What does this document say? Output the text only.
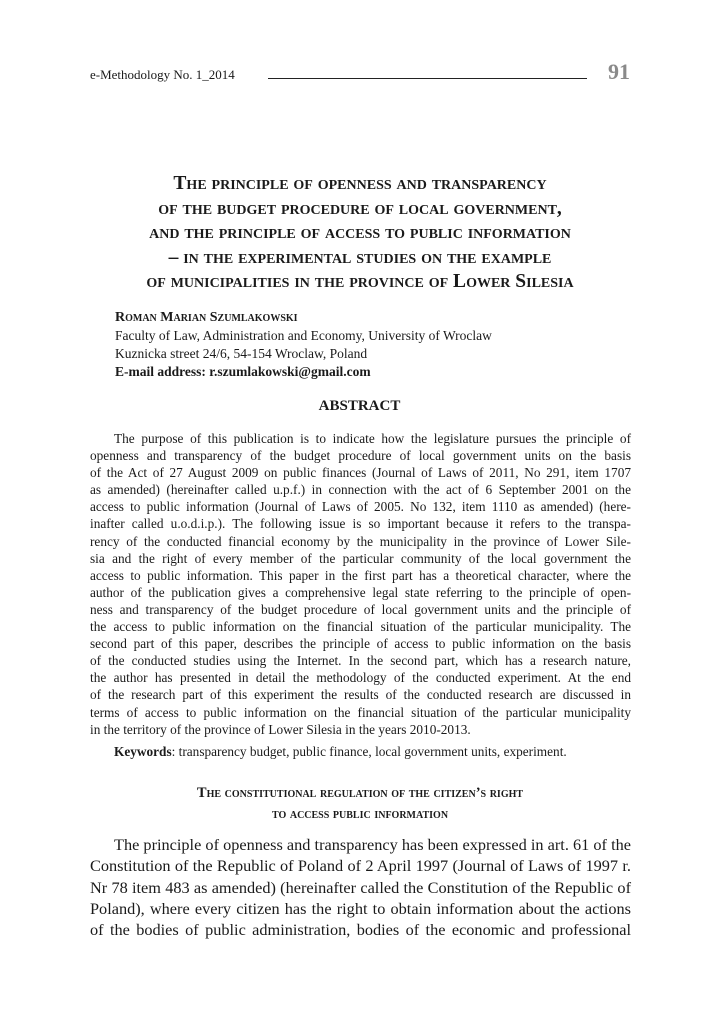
e-Methodology No. 1_2014	91
The principle of openness and transparency
of the budget procedure of local government,
and the principle of access to public information
– in the experimental studies on the example
of municipalities in the province of Lower Silesia
Roman Marian Szumlakowski
Faculty of Law, Administration and Economy, University of Wroclaw
Kuznicka street 24/6, 54-154 Wroclaw, Poland
E-mail address: r.szumlakowski@gmail.com
ABSTRACT
The purpose of this publication is to indicate how the legislature pursues the principle of
openness and transparency of the budget procedure of local government units on the basis
of the Act of 27 August 2009 on public finances (Journal of Laws of 2011, No 291, item 1707
as amended) (hereinafter called u.p.f.) in connection with the act of 6 September 2001 on the
access to public information (Journal of Laws of 2005. No 132, item 1110 as amended) (here-
inafter called u.o.d.i.p.). The following issue is so important because it refers to the transpa-
rency of the conducted financial economy by the municipality in the province of Lower Sile-
sia and the right of every member of the particular community of the local government the
access to public information. This paper in the first part has a theoretical character, where the
author of the publication gives a comprehensive legal state referring to the principle of open-
ness and transparency of the budget procedure of local government units and the principle of
the access to public information on the financial situation of the particular municipality. The
second part of this paper, describes the principle of access to public information on the basis
of the conducted studies using the Internet. In the second part, which has a research nature,
the author has presented in detail the methodology of the conducted experiment. At the end
of the research part of this experiment the results of the conducted research are discussed in
terms of access to public information on the financial situation of the particular municipality
in the territory of the province of Lower Silesia in the years 2010-2013.
Keywords: transparency budget, public finance, local government units, experiment.
The constitutional regulation of the citizen’s right
to access public information
The principle of openness and transparency has been expressed in art. 61 of the
Constitution of the Republic of Poland of 2 April 1997 (Journal of Laws of 1997 r.
Nr 78 item 483 as amended) (hereinafter called the Constitution of the Republic of
Poland), where every citizen has the right to obtain information about the actions
of the bodies of public administration, bodies of the economic and professional
